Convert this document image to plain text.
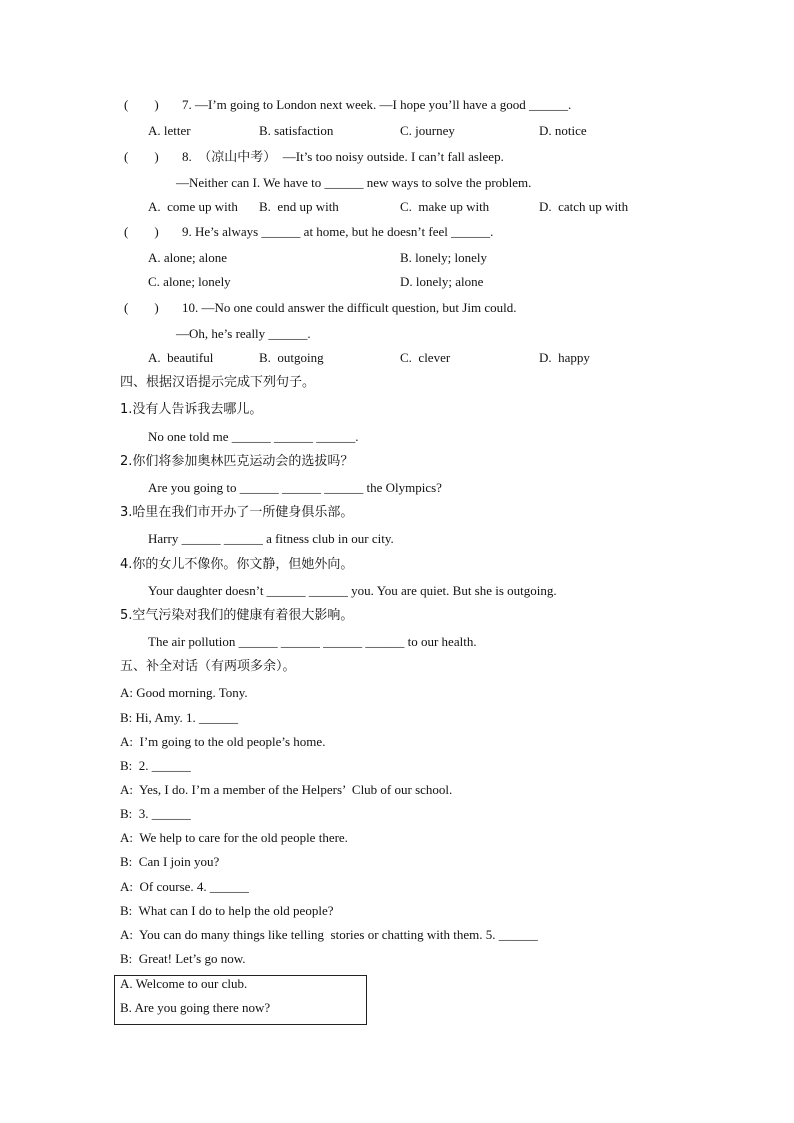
(        ) 7. —I’m going to London next week. —I hope you’ll have a good ______.
A. letter	B. satisfaction	C. journey	D. notice
(        ) 8.  （凉山中考）  —It’s too noisy outside. I can’t fall asleep.
—Neither can I. We have to ______ new ways to solve the problem.
A.  come up with B.  end up with	C.  make up with	D.  catch up with
(        ) 9. He’s always ______ at home, but he doesn’t feel ______.
A. alone; alone	B. lonely; lonely
C. alone; lonely	D. lonely; alone
(        ) 10. —No one could answer the difficult question, but Jim could.
—Oh, he’s really ______.
A.  beautiful	B.  outgoing	C.  clever	D.  happy
四、根据汉语提示完成下列句子。
1.没有人告诉我去哪儿。
No one told me ______ ______ ______.
2.你们将参加奥林匹克运动会的选拔吗？
Are you going to ______ ______ ______ the Olympics?
3.哈里在我们市开办了一所健身俱乐部。
Harry ______ ______ a fitness club in our city.
4.你的女儿不像你。你文静，但她外向。
Your daughter doesn’t ______ ______ you. You are quiet. But she is outgoing.
5.空气污染对我们的健康有着很大影响。
The air pollution ______ ______ ______ ______ to our health.
五、补全对话（有两项多余）。
A: Good morning. Tony.
B: Hi, Amy. 1. ______
A:  I’m going to the old people’s home.
B:  2. ______
A:  Yes, I do. I’m a member of the Helpers’  Club of our school.
B:  3. ______
A:  We help to care for the old people there.
B:  Can I join you?
A:  Of course. 4. ______
B:  What can I do to help the old people?
A:  You can do many things like telling  stories or chatting with them. 5. ______
B:  Great! Let’s go now.
A. Welcome to our club.
B. Are you going there now?
